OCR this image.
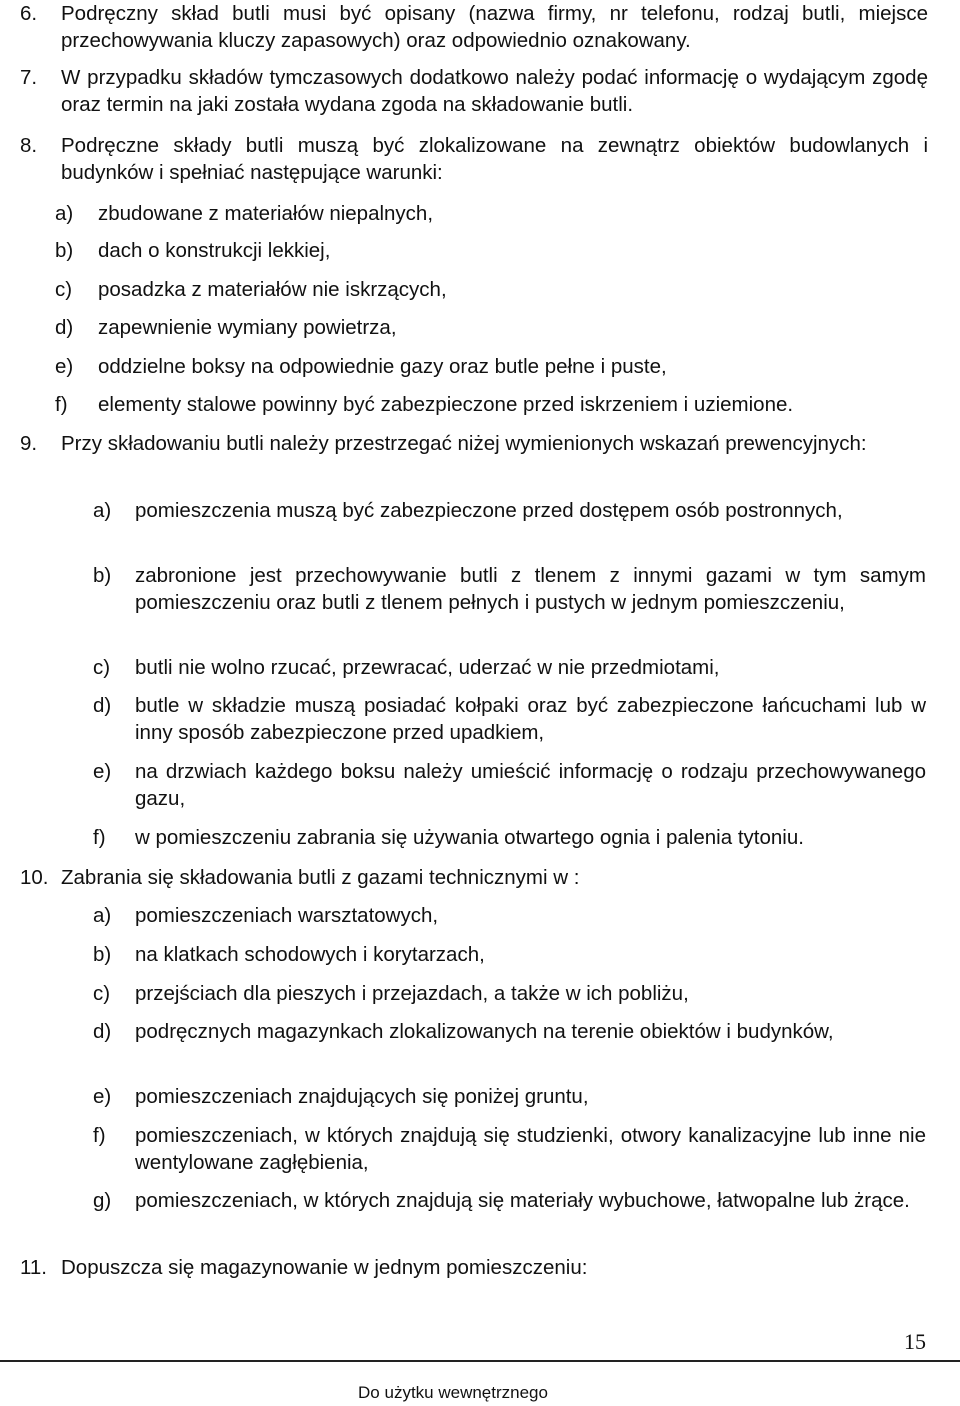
6.	Podręczny skład butli musi być opisany (nazwa firmy, nr telefonu, rodzaj butli, miejsce przechowywania kluczy zapasowych) oraz odpowiednio oznakowany.
7.	W przypadku składów tymczasowych dodatkowo należy podać informację o wydającym zgodę oraz termin na jaki została wydana zgoda na składowanie butli.
8.	Podręczne składy butli muszą być zlokalizowane na zewnątrz obiektów budowlanych i budynków i spełniać następujące warunki:
a)	zbudowane z materiałów niepalnych,
b)	dach o konstrukcji lekkiej,
c)	posadzka z materiałów nie iskrzących,
d)	zapewnienie wymiany powietrza,
e)	oddzielne boksy na odpowiednie gazy oraz butle pełne i puste,
f)	elementy stalowe powinny być zabezpieczone przed iskrzeniem i uziemione.
9.	Przy składowaniu butli należy przestrzegać niżej wymienionych wskazań prewencyjnych:
a)	pomieszczenia muszą być zabezpieczone przed dostępem osób postronnych,
b)	zabronione jest przechowywanie butli z tlenem z innymi gazami w tym samym pomieszczeniu oraz butli z tlenem pełnych i pustych w jednym pomieszczeniu,
c)	butli nie wolno rzucać, przewracać, uderzać w nie przedmiotami,
d)	butle w składzie muszą posiadać kołpaki oraz być zabezpieczone łańcuchami lub w inny sposób zabezpieczone przed upadkiem,
e)	na drzwiach każdego boksu należy umieścić informację o rodzaju przechowywanego gazu,
f)	w pomieszczeniu zabrania się używania otwartego ognia i palenia tytoniu.
10. Zabrania się składowania butli z gazami technicznymi w :
a)	pomieszczeniach warsztatowych,
b)	na klatkach schodowych i korytarzach,
c)	przejściach dla pieszych i przejazdach, a także w ich pobliżu,
d)	podręcznych magazynkach zlokalizowanych na terenie obiektów i budynków,
e)	pomieszczeniach znajdujących się poniżej gruntu,
f)	pomieszczeniach, w których znajdują się studzienki, otwory kanalizacyjne lub inne nie wentylowane zagłębienia,
g)	pomieszczeniach, w których znajdują się materiały wybuchowe, łatwopalne lub żrące.
11. Dopuszcza się magazynowanie w jednym pomieszczeniu:
15
Do użytku wewnętrznego
